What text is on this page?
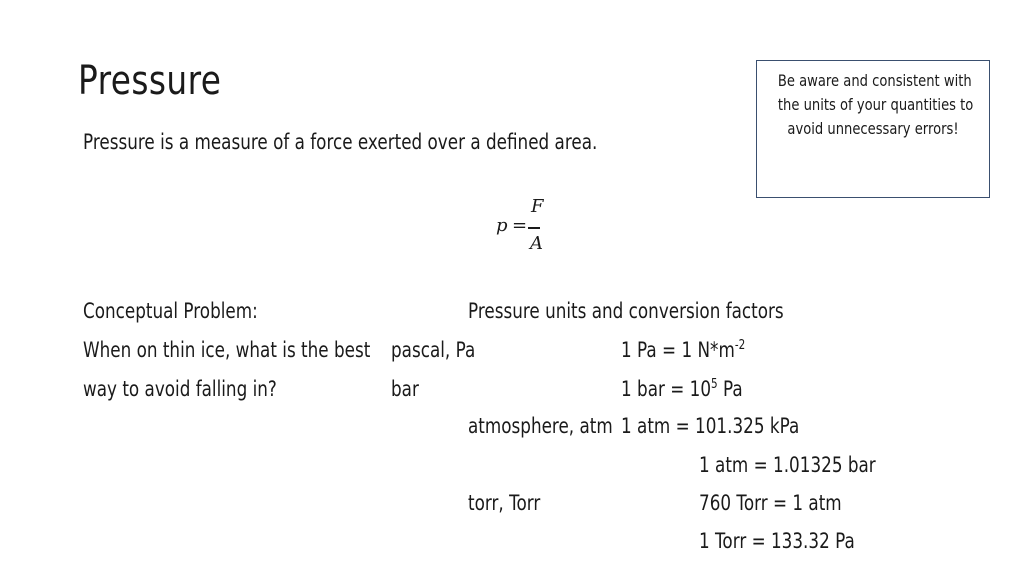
Pressure
Pressure is a measure of a force exerted over a defined area.
Be aware and consistent with
the units of your quantities to
avoid unnecessary errors!
p =
F
A
Conceptual Problem:
When on thin ice, what is the best
way to avoid falling in?
Pressure units and conversion factors
pascal, Pa	1 Pa = 1 $N*m^{-2}$
bar	1 bar = $10^5$ Pa
atmosphere, atm 1 atm = 101.325 kPa
1 atm = 1.01325 bar
torr, Torr	760 Torr = 1 atm
1 Torr = 133.32 Pa
